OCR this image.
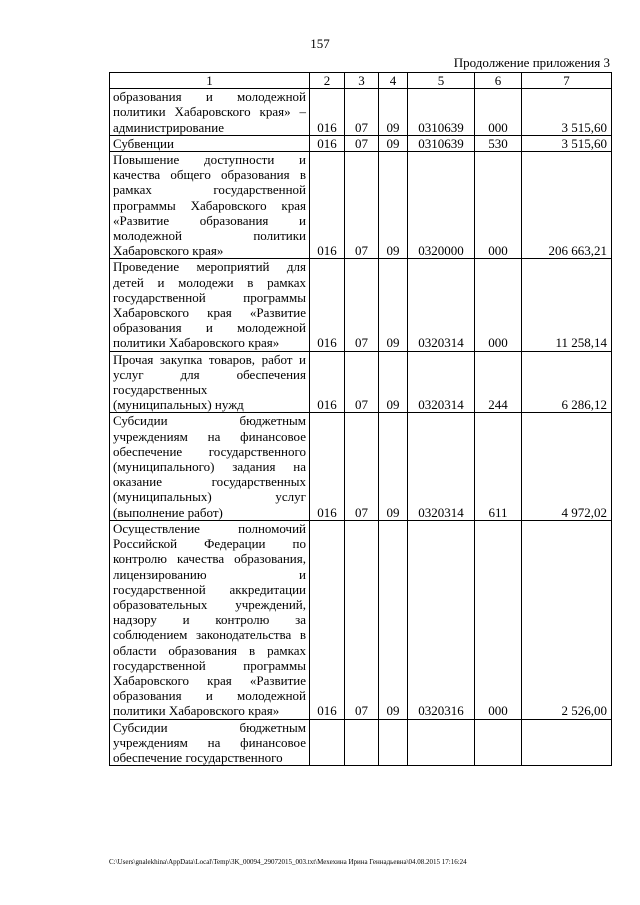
157
Продолжение приложения 3
1	2	3	4	5	6	7
образования и молодежной политики Хабаровского края» – администрирование	016	07	09	0310639	000	3 515,60
Субвенции	016	07	09	0310639	530	3 515,60
Повышение доступности и качества общего образования в рамках государственной программы Хабаровского края «Развитие образования и молодежной политики Хабаровского края»	016	07	09	0320000	000	206 663,21
Проведение мероприятий для детей и молодежи в рамках государственной программы Хабаровского края «Развитие образования и молодежной политики Хабаровского края»	016	07	09	0320314	000	11 258,14
Прочая закупка товаров, работ и услуг для обеспечения государственных (муниципальных) нужд	016	07	09	0320314	244	6 286,12
Субсидии бюджетным учреждениям на финансовое обеспечение государственного (муниципального) задания на оказание государственных (муниципальных) услуг (выполнение работ)	016	07	09	0320314	611	4 972,02
Осуществление полномочий Российской Федерации по контролю качества образования, лицензированию и государственной аккредитации образовательных учреждений, надзору и контролю за соблюдением законодательства в области образования в рамках государственной программы Хабаровского края «Развитие образования и молодежной политики Хабаровского края»	016	07	09	0320316	000	2 526,00
Субсидии бюджетным учреждениям на финансовое обеспечение государственного						
C:\Users\gnalekhina\AppData\Local\Temp\3K_00094_29072015_003.txt\Мехехина Ирина Геннадьевна\04.08.2015 17:16:24
